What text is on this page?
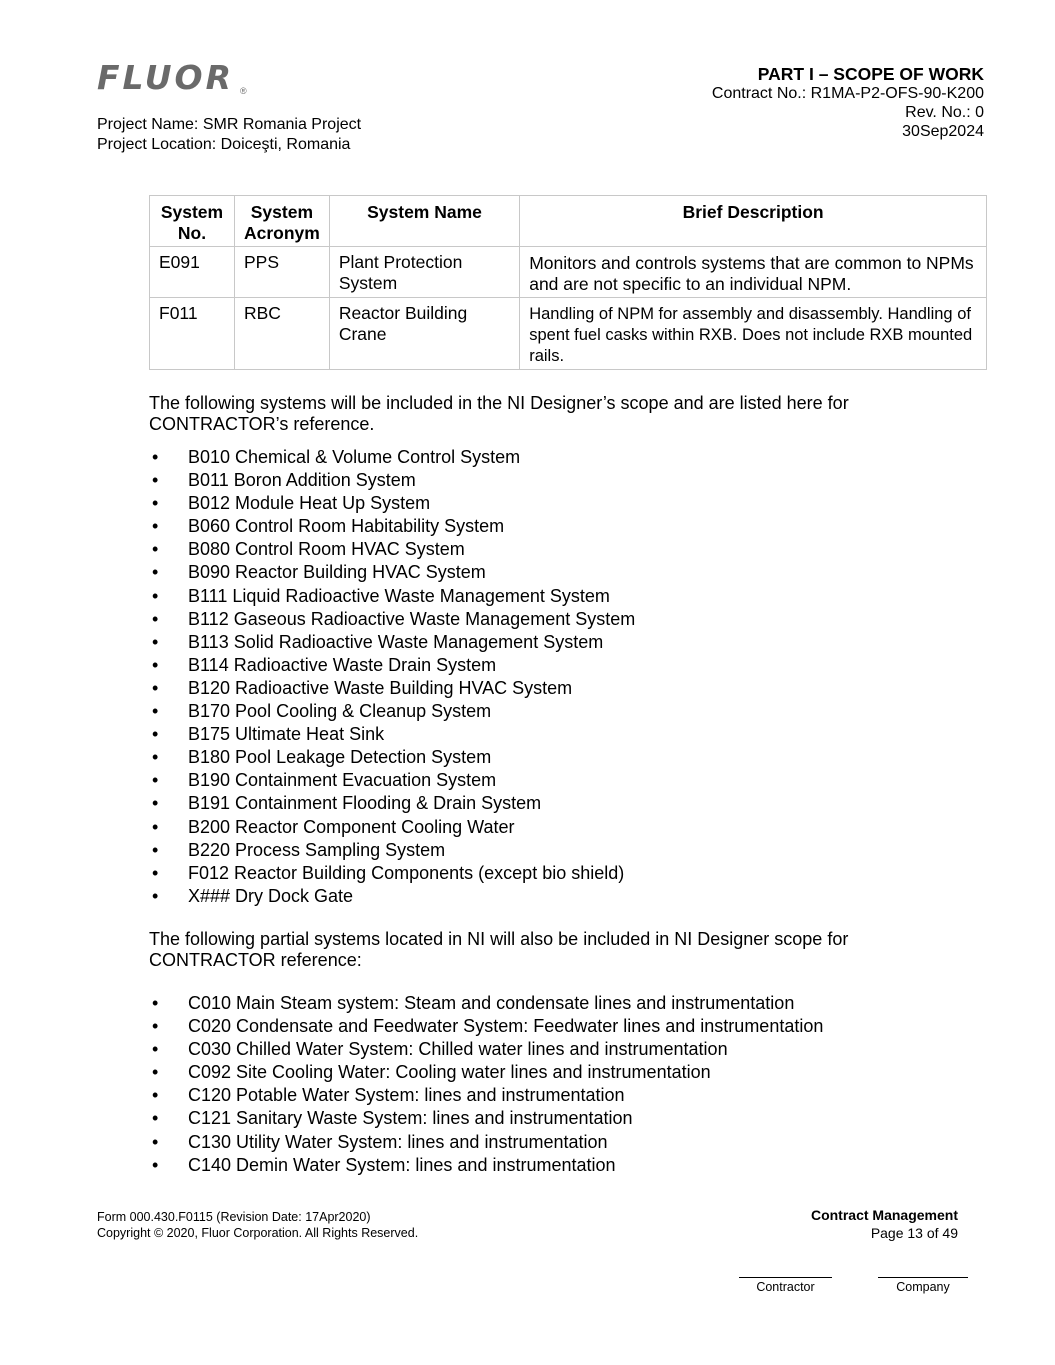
FLUOR ®
Project Name: SMR Romania Project
Project Location: Doiceşti, Romania
PART I – SCOPE OF WORK
Contract No.: R1MA-P2-OFS-90-K200
Rev. No.: 0
30Sep2024
System No.	System Acronym	System Name	Brief Description
E091	PPS	Plant Protection System	Monitors and controls systems that are common to NPMs and are not specific to an individual NPM.
F011	RBC	Reactor Building Crane	Handling of NPM for assembly and disassembly. Handling of spent fuel casks within RXB. Does not include RXB mounted rails.
The following systems will be included in the NI Designer’s scope and are listed here for CONTRACTOR’s reference.
• B010 Chemical & Volume Control System
• B011 Boron Addition System
• B012 Module Heat Up System
• B060 Control Room Habitability System
• B080 Control Room HVAC System
• B090 Reactor Building HVAC System
• B111 Liquid Radioactive Waste Management System
• B112 Gaseous Radioactive Waste Management System
• B113 Solid Radioactive Waste Management System
• B114 Radioactive Waste Drain System
• B120 Radioactive Waste Building HVAC System
• B170 Pool Cooling & Cleanup System
• B175 Ultimate Heat Sink
• B180 Pool Leakage Detection System
• B190 Containment Evacuation System
• B191 Containment Flooding & Drain System
• B200 Reactor Component Cooling Water
• B220 Process Sampling System
• F012 Reactor Building Components (except bio shield)
• X### Dry Dock Gate
The following partial systems located in NI will also be included in NI Designer scope for CONTRACTOR reference:
• C010 Main Steam system: Steam and condensate lines and instrumentation
• C020 Condensate and Feedwater System: Feedwater lines and instrumentation
• C030 Chilled Water System: Chilled water lines and instrumentation
• C092 Site Cooling Water: Cooling water lines and instrumentation
• C120 Potable Water System: lines and instrumentation
• C121 Sanitary Waste System: lines and instrumentation
• C130 Utility Water System: lines and instrumentation
• C140 Demin Water System: lines and instrumentation
Form 000.430.F0115 (Revision Date: 17Apr2020)
Copyright © 2020, Fluor Corporation. All Rights Reserved.
Contract Management
Page 13 of 49
Contractor	Company
